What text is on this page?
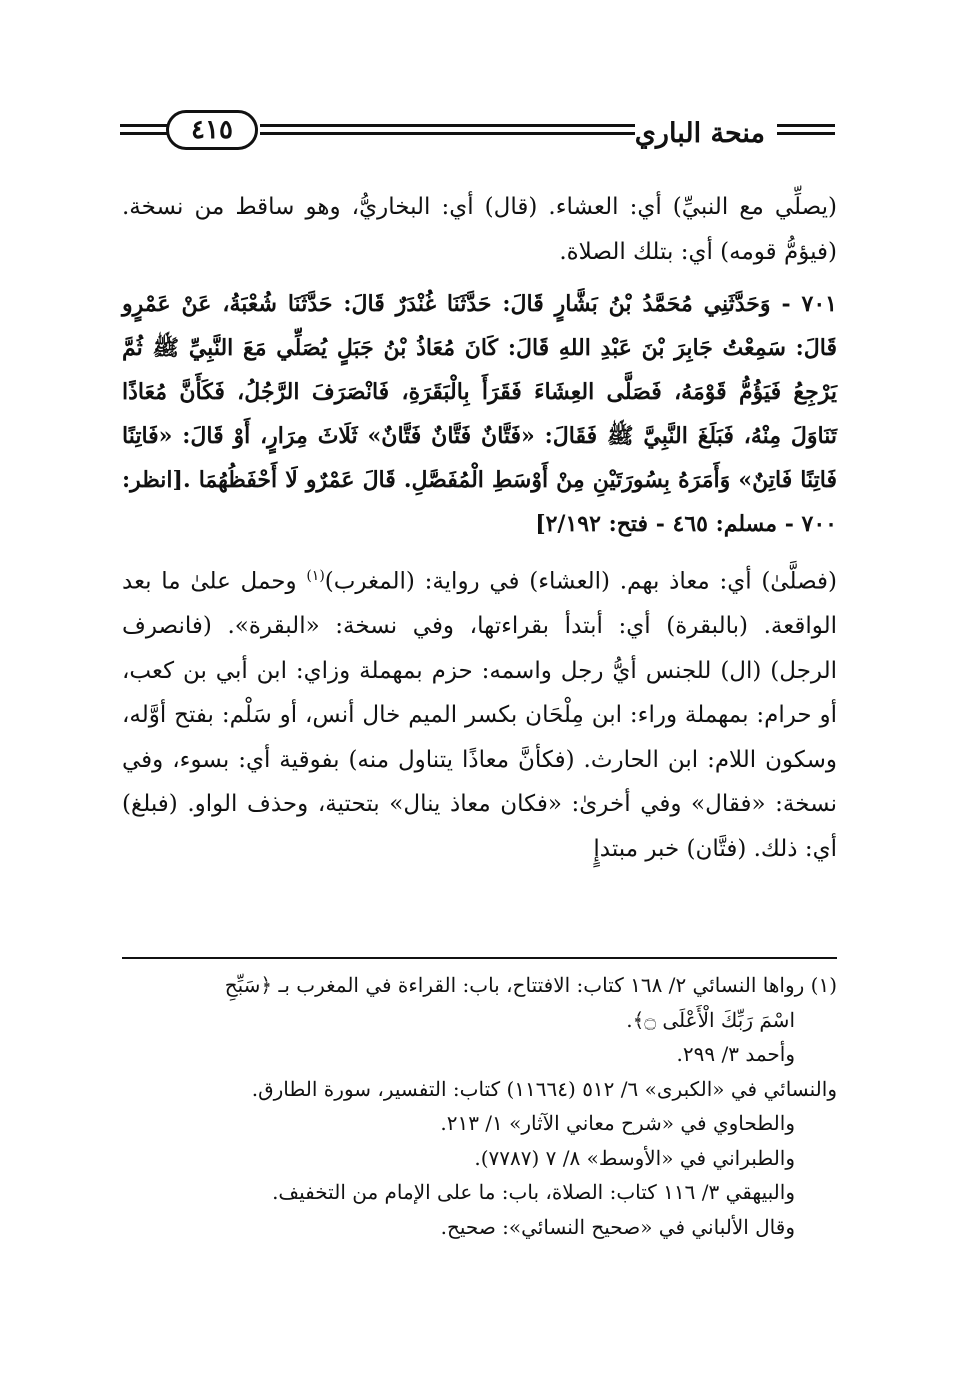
منحة الباري
٤١٥

(يصلِّي مع النبيِّ) أي: العشاء. (قال) أي: البخاريُّ، وهو ساقط من نسخة. (فيؤمُّ قومه) أي: بتلك الصلاة.

٧٠١ - وَحَدَّثَنِي مُحَمَّدُ بْنُ بَشَّارٍ قَالَ: حَدَّثَنَا غُنْدَرٌ قَالَ: حَدَّثَنَا شُعْبَةُ، عَنْ عَمْرٍو قَالَ: سَمِعْتُ جَابِرَ بْنَ عَبْدِ اللهِ قَالَ: كَانَ مُعَاذُ بْنُ جَبَلٍ يُصَلِّي مَعَ النَّبِيِّ ﷺ ثُمَّ يَرْجِعُ فَيَؤُمُّ قَوْمَهُ، فَصَلَّى العِشَاءَ فَقَرَأَ بِالْبَقَرَةِ، فَانْصَرَفَ الرَّجُلُ، فَكَأَنَّ مُعَاذًا تَنَاوَلَ مِنْهُ، فَبَلَغَ النَّبِيَّ ﷺ فَقَالَ: «فَتَّانٌ فَتَّانٌ فَتَّانٌ» ثَلَاثَ مِرَارٍ، أَوْ قَالَ: «فَاتِنًا فَاتِنًا فَاتِنٌ» وَأَمَرَهُ بِسُورَتَيْنِ مِنْ أَوْسَطِ الْمُفَصَّلِ. قَالَ عَمْرٌو لَا أَحْفَظُهُمَا .[انظر: ٧٠٠ - مسلم: ٤٦٥ - فتح: ٢/١٩٢]

(فصلَّىٰ) أي: معاذ بهم. (العشاء) في رواية: (المغرب)$^{(١)}$ وحمل علىٰ ما بعد الواقعة. (بالبقرة) أي: أبتدأ بقراءتها، وفي نسخة: «البقرة». (فانصرف الرجل) (ال) للجنس أيُّ رجل واسمه: حزم بمهملة وزاي: ابن أبي بن كعب، أو حرام: بمهملة وراء: ابن مِلْحَان بكسر الميم خال أنس، أو سَلْم: بفتح أوَّله، وسكون اللام: ابن الحارث. (فكأنَّ معاذًا يتناول منه) بفوقية أي: بسوء، وفي نسخة: «فقال» وفي أخرىٰ: «فكان معاذ ينال» بتحتية، وحذف الواو. (فبلغ) أي: ذلك. (فتَّان) خبر مبتدإٍ

(١) رواها النسائي ٢/ ١٦٨ كتاب: الافتتاح، باب: القراءة في المغرب بـ ﴿سَبِّحِ

اسْمَ رَبِّكَ الْأَعْلَى ۝﴾.

وأحمد ٣/ ٢٩٩.

والنسائي في «الكبرى» ٦/ ٥١٢ (١١٦٦٤) كتاب: التفسير، سورة الطارق.

والطحاوي في «شرح معاني الآثار» ١/ ٢١٣.

والطبراني في «الأوسط» ٨/ ٧ (٧٧٨٧).

والبيهقي ٣/ ١١٦ كتاب: الصلاة، باب: ما على الإمام من التخفيف.

وقال الألباني في «صحيح النسائي»: صحيح.
